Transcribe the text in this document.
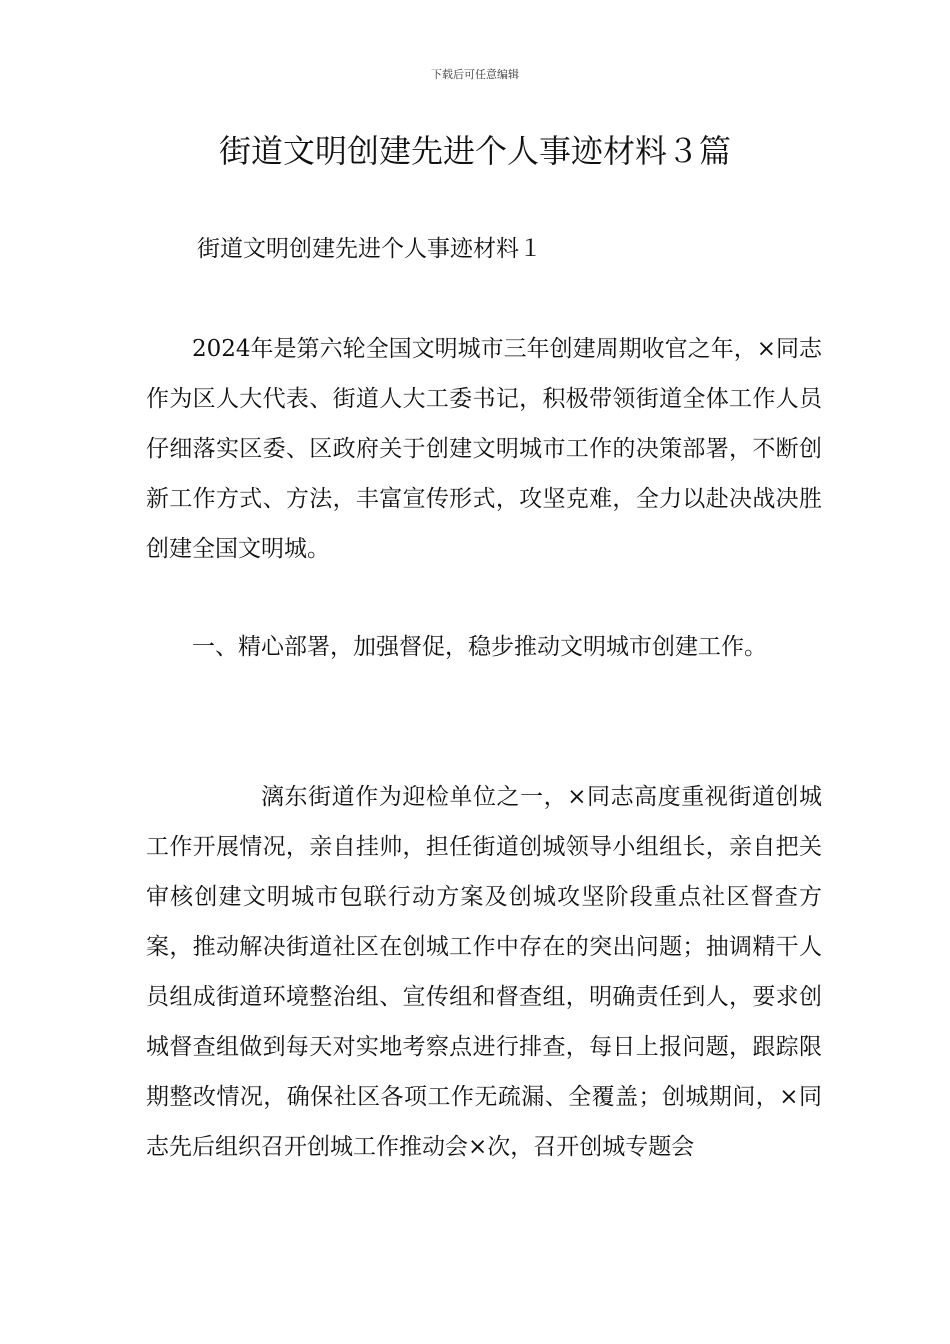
下载后可任意编辑
街道文明创建先进个人事迹材料３篇

街道文明创建先进个人事迹材料１

2024年是第六轮全国文明城市三年创建周期收官之年，×同志作为区人大代表、街道人大工委书记，积极带领街道全体工作人员仔细落实区委、区政府关于创建文明城市工作的决策部署，不断创新工作方式、方法，丰富宣传形式，攻坚克难，全力以赴决战决胜创建全国文明城。

一、精心部署，加强督促，稳步推动文明城市创建工作。

漓东街道作为迎检单位之一，×同志高度重视街道创城工作开展情况，亲自挂帅，担任街道创城领导小组组长，亲自把关审核创建文明城市包联行动方案及创城攻坚阶段重点社区督查方案，推动解决街道社区在创城工作中存在的突出问题；抽调精干人员组成街道环境整治组、宣传组和督查组，明确责任到人，要求创城督查组做到每天对实地考察点进行排查，每日上报问题，跟踪限期整改情况，确保社区各项工作无疏漏、全覆盖；创城期间，×同志先后组织召开创城工作推动会×次，召开创城专题会
